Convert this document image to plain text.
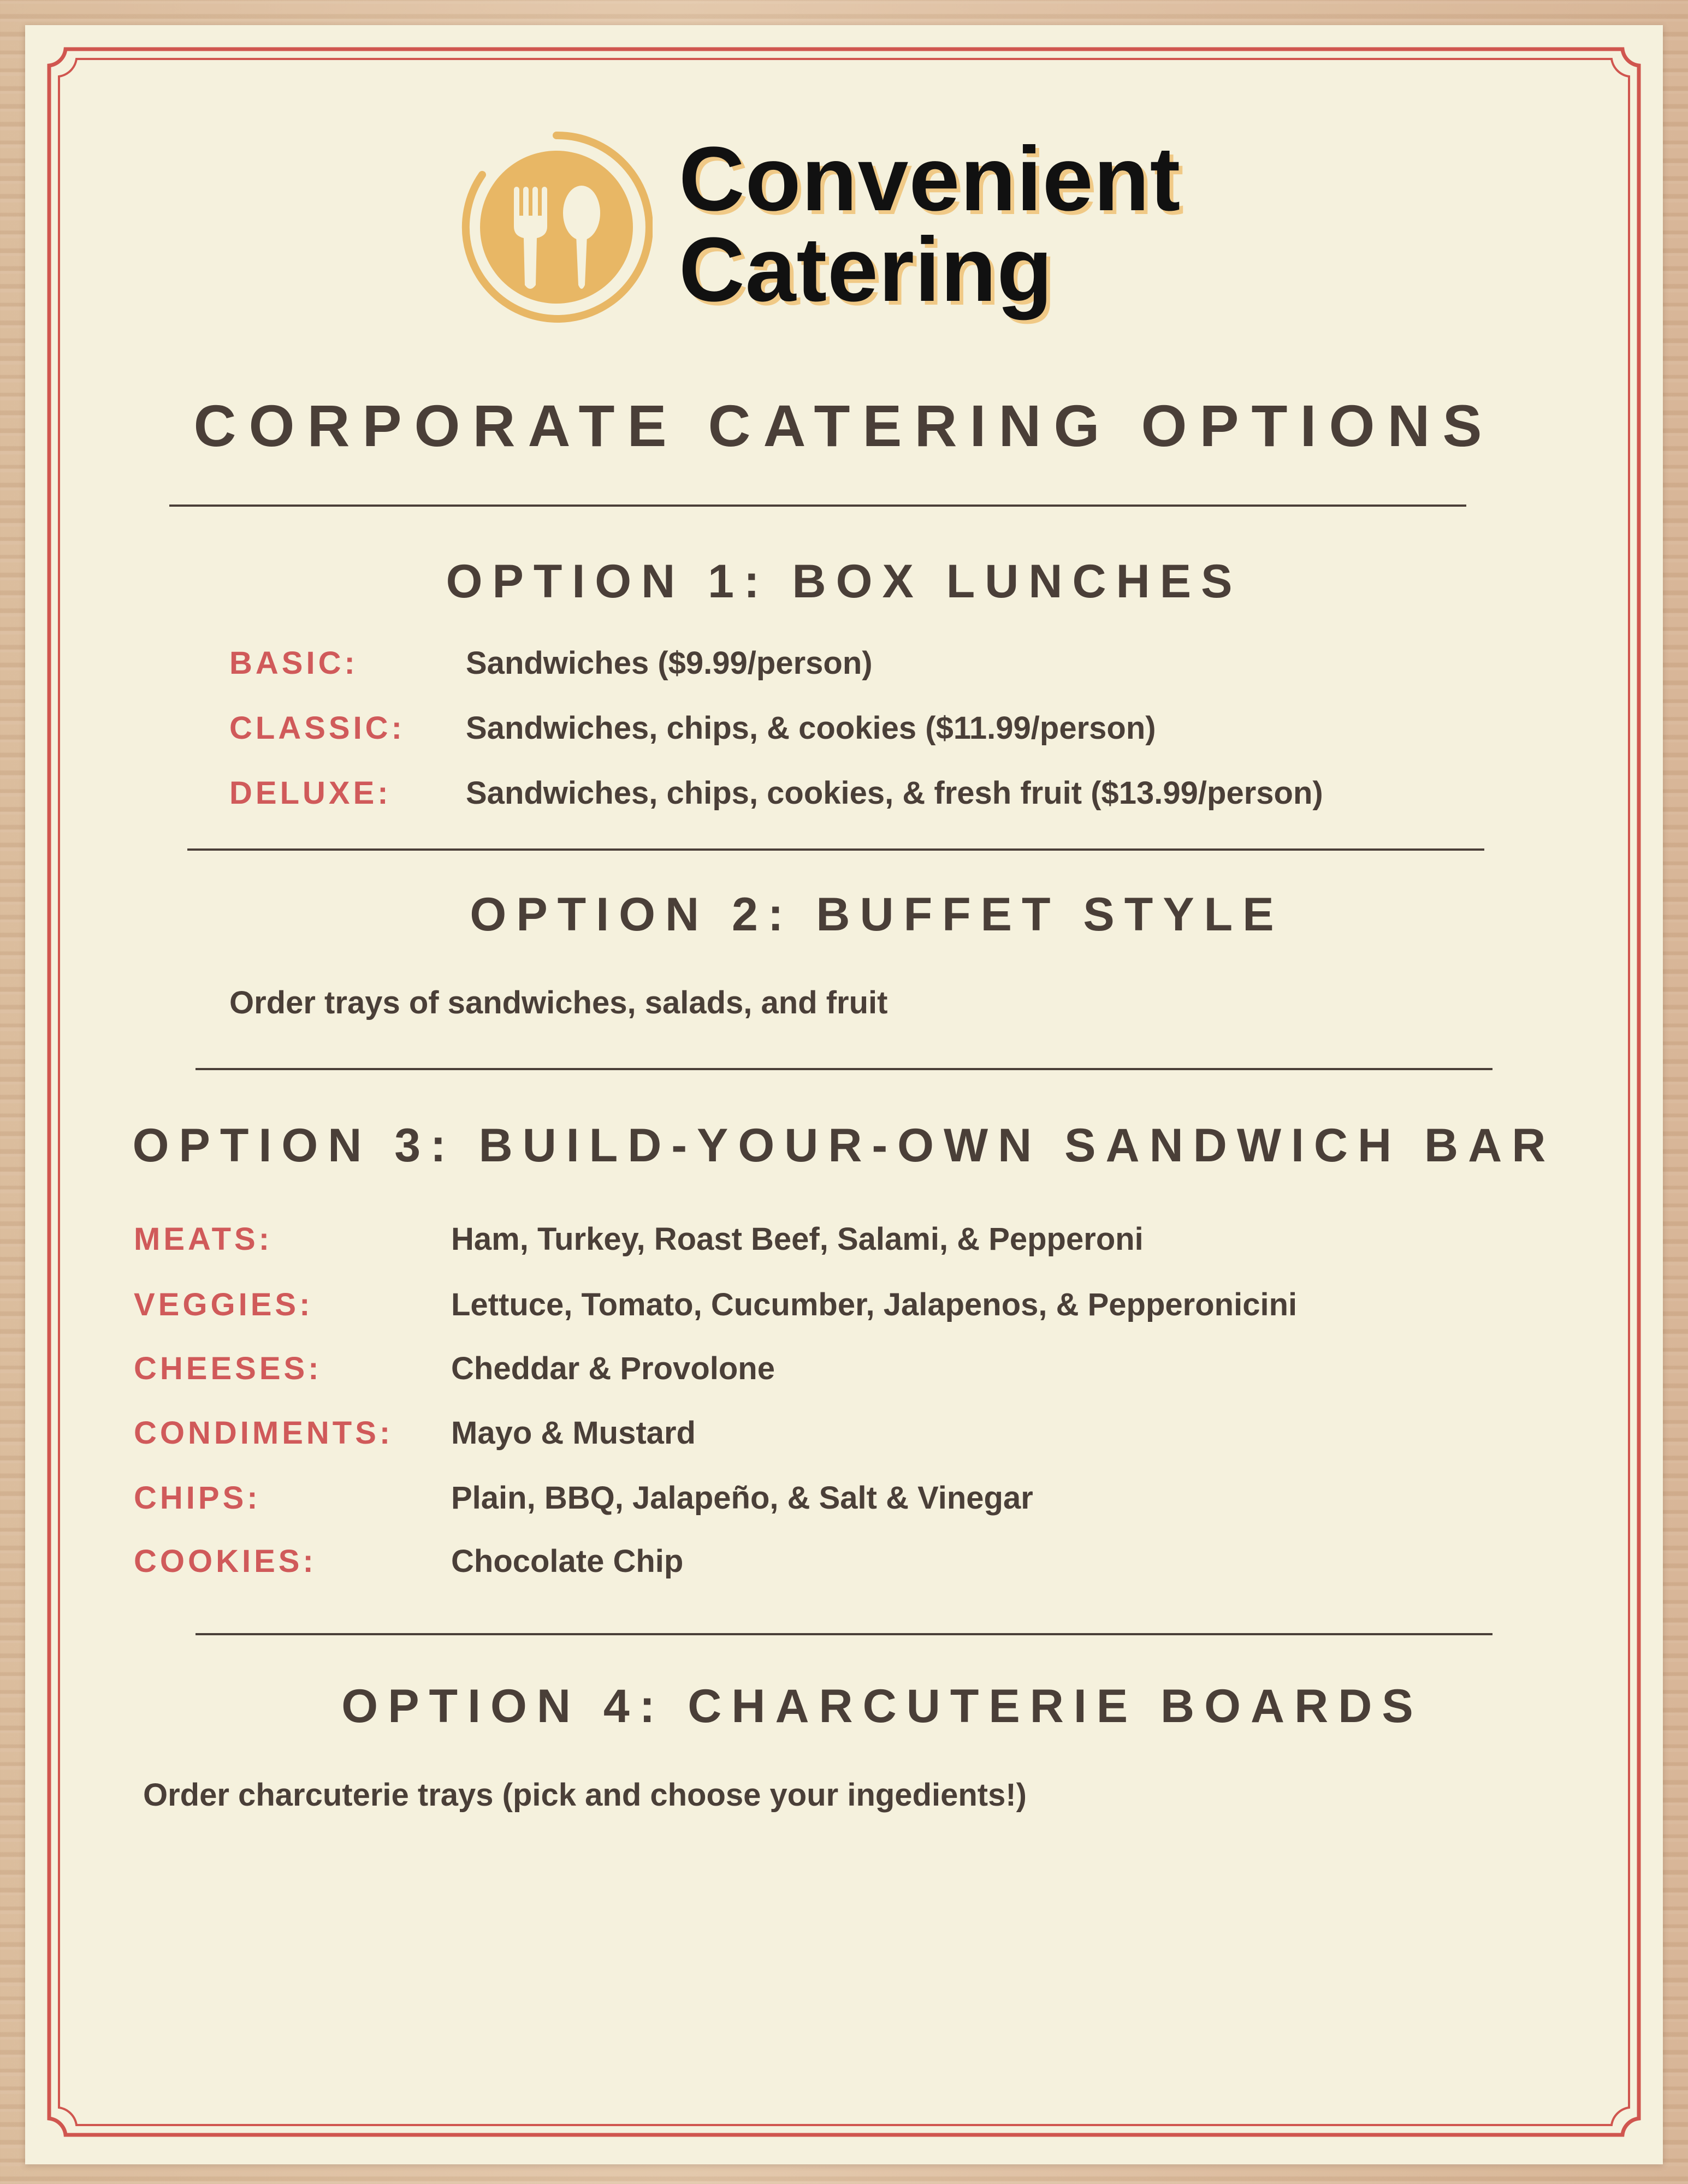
Convenient
Catering
CORPORATE CATERING OPTIONS
OPTION 1: BOX LUNCHES
BASIC:	Sandwiches ($9.99/person)
CLASSIC: Sandwiches, chips, & cookies ($11.99/person)
DELUXE: Sandwiches, chips, cookies, & fresh fruit ($13.99/person)
OPTION 2: BUFFET STYLE
Order trays of sandwiches, salads, and fruit
OPTION 3: BUILD-YOUR-OWN SANDWICH BAR
MEATS:	Ham, Turkey, Roast Beef, Salami, & Pepperoni
VEGGIES:	Lettuce, Tomato, Cucumber, Jalapenos, & Pepperonicini
CHEESES:	Cheddar & Provolone
CONDIMENTS: Mayo & Mustard
CHIPS:	Plain, BBQ, Jalapeño, & Salt & Vinegar
COOKIES:	Chocolate Chip
OPTION 4: CHARCUTERIE BOARDS
Order charcuterie trays (pick and choose your ingedients!)
